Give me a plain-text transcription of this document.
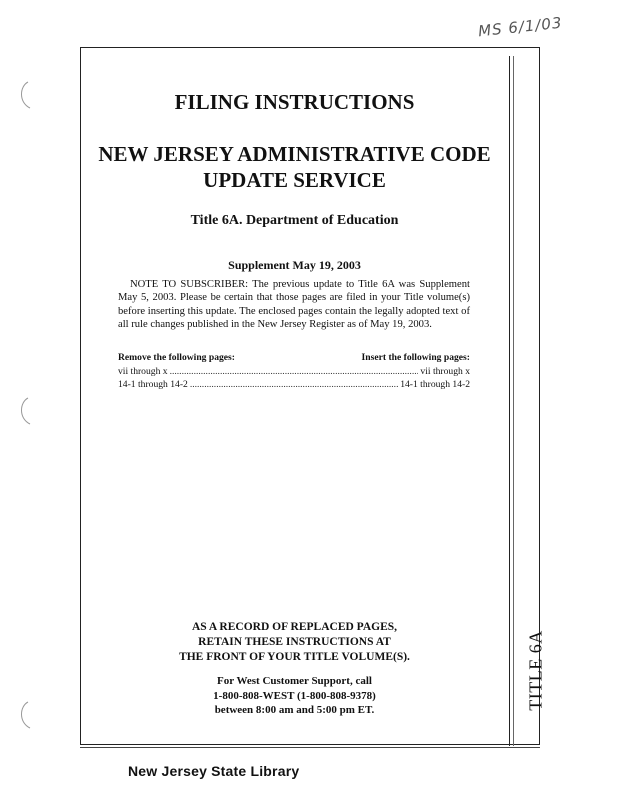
MS 6/1/03
FILING INSTRUCTIONS
NEW JERSEY ADMINISTRATIVE CODE
UPDATE SERVICE
Title 6A. Department of Education
Supplement May 19, 2003
NOTE TO SUBSCRIBER: The previous update to Title 6A was Supplement May 5, 2003. Please be certain that those pages are filed in your Title volume(s) before inserting this update. The enclosed pages contain the legally adopted text of all rule changes published in the New Jersey Register as of May 19, 2003.
Remove the following pages:	Insert the following pages:
vii through x .....	vii through x
14-1 through 14-2 .....	14-1 through 14-2
AS A RECORD OF REPLACED PAGES,
RETAIN THESE INSTRUCTIONS AT
THE FRONT OF YOUR TITLE VOLUME(S).
For West Customer Support, call
1-800-808-WEST (1-800-808-9378)
between 8:00 am and 5:00 pm ET.	TITLE 6A
New Jersey State Library
